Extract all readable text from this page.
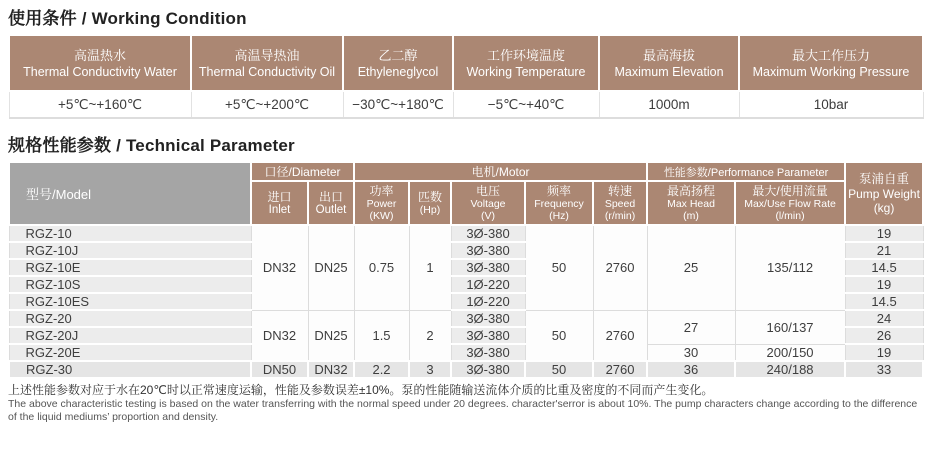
使用条件 / Working Condition
高温热水
Thermal Conductivity Water

高温导热油
Thermal Conductivity Oil

乙二醇
Ethyleneglycol

工作环境温度
Working Temperature

最高海拔
Maximum Elevation

最大工作压力
Maximum Working Pressure

+5℃~+160℃	+5℃~+200℃	−30℃~+180℃	−5℃~+40℃	1000m	10bar
规格性能参数 / Technical Parameter
型号/Model	口径/Diameter		电机/Motor					性能参数/Performance Parameter		泵浦自重
Pump Weight
(kg)

进口
Inlet

出口
Outlet

功率
Power
(KW)

匹数
(Hp)

电压
Voltage
(V)

频率
Frequency
(Hz)

转速
Speed
(r/min)

最高扬程
Max Head
(m)

最大/使用流量
Max/Use Flow Rate
(l/min)

RGZ-10	DN32	DN25	0.75	1	3Ø-380	50	2760	25	135/112	19
RGZ-10J					3Ø-380					21
RGZ-10E					3Ø-380					14.5
RGZ-10S					1Ø-220					19
RGZ-10ES					1Ø-220					14.5
RGZ-20	DN32	DN25	1.5	2	3Ø-380	50	2760	27	160/137	24
RGZ-20J					3Ø-380					26
RGZ-20E					3Ø-380			30	200/150	19
RGZ-30	DN50	DN32	2.2	3	3Ø-380	50	2760	36	240/188	33
上述性能参数对应于水在20℃时以正常速度运输，性能及参数误差±10%。泵的性能随输送流体介质的比重及密度的不同而产生变化。
The above characteristic testing is based on the water transferring with the normal speed under 20 degrees. character'serror is about 10%. The pump characters change according to the difference of the liquid mediums’ proportion and density.
